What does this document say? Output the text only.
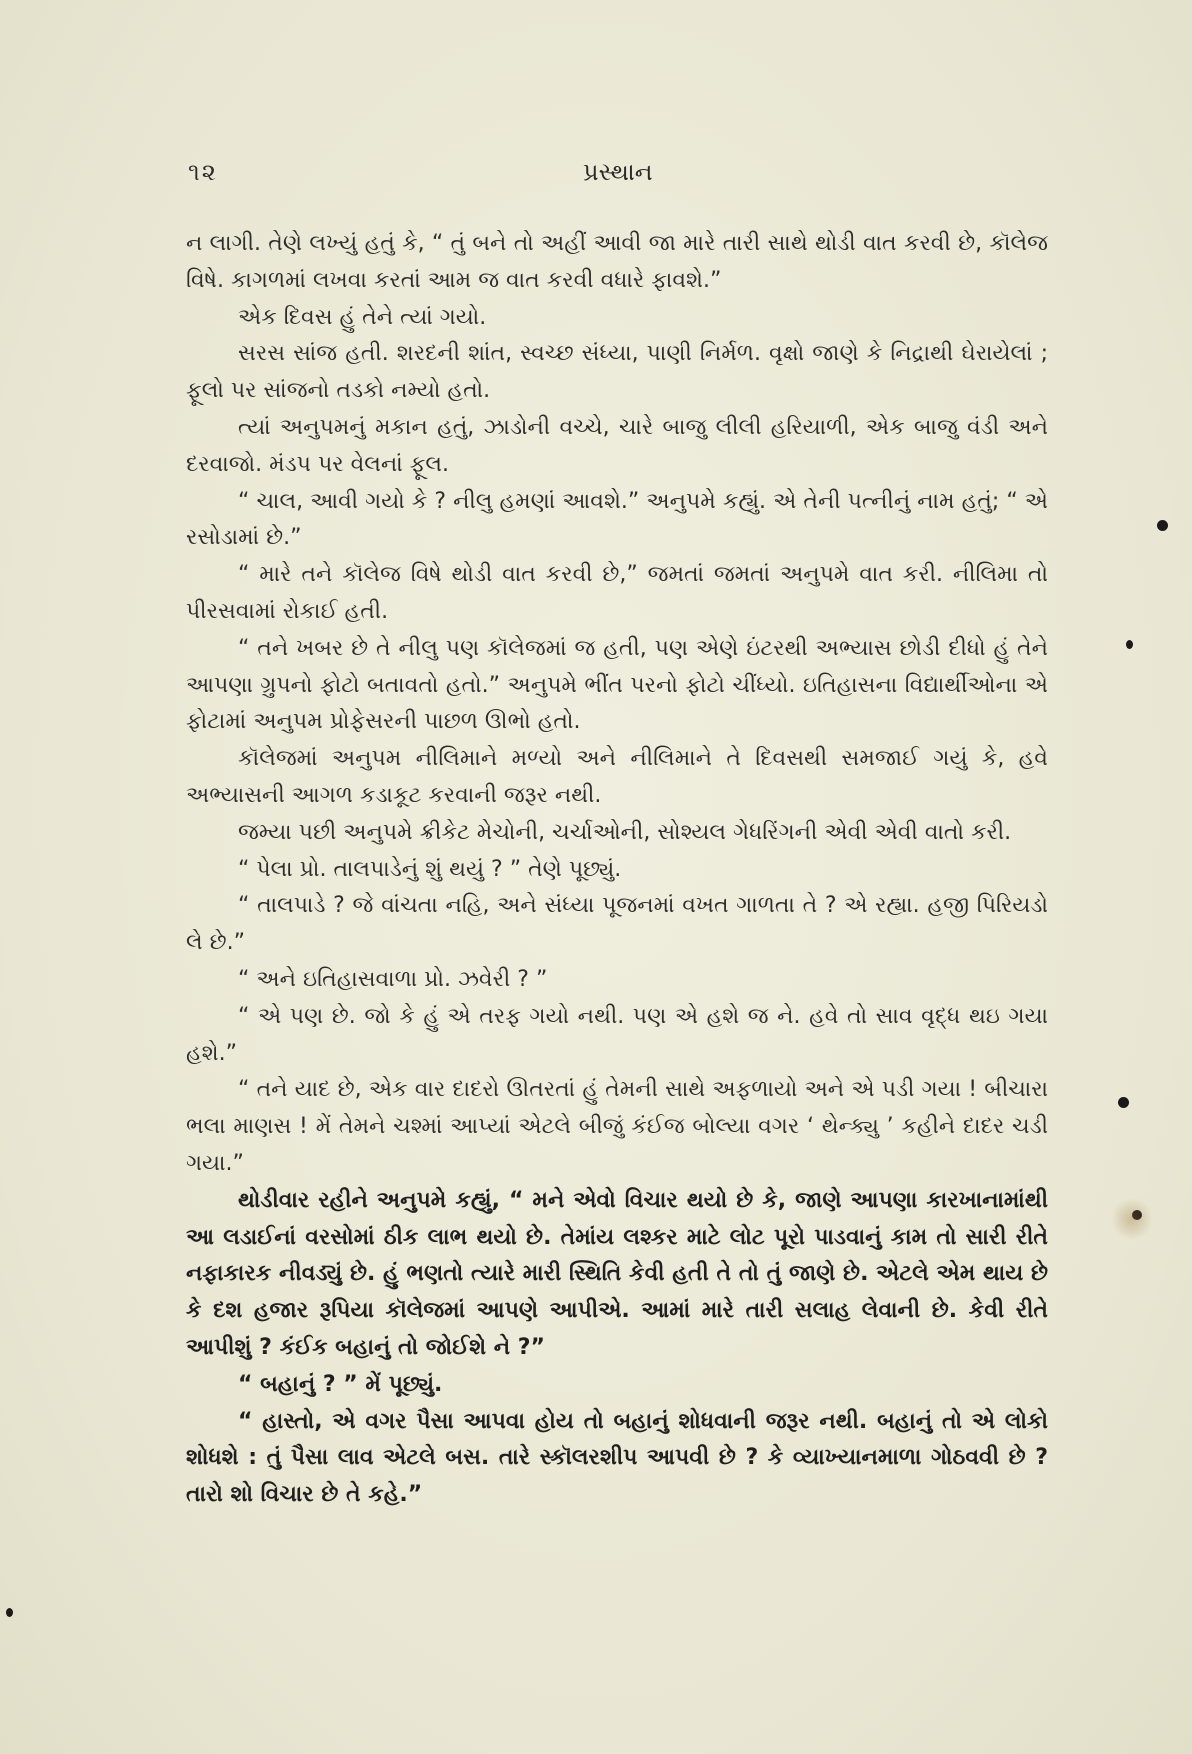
૧૨	પ્રસ્થાન

ન લાગી. તેણે લખ્યું હતું કે, “ તું બને તો અહીં આવી જા મારે તારી સાથે થોડી વાત કરવી છે, કૉલેજ વિષે. કાગળમાં લખવા કરતાં આમ જ વાત કરવી વધારે ફાવશે.”

એક દિવસ હું તેને ત્યાં ગયો.

સરસ સાંજ હતી. શરદની શાંત, સ્વચ્છ સંધ્યા, પાણી નિર્મળ. વૃક્ષો જાણે કે નિદ્રાથી ઘેરાયેલાં ; ફૂલો પર સાંજનો તડકો નમ્યો હતો.

ત્યાં અનુપમનું મકાન હતું, ઝાડોની વચ્ચે, ચારે બાજુ લીલી હરિયાળી, એક બાજુ વંડી અને દરવાજો. મંડપ પર વેલનાં ફૂલ.

“ ચાલ, આવી ગયો કે ? નીલુ હમણાં આવશે.” અનુપમે કહ્યું. એ તેની પત્નીનું નામ હતું; “ એ રસોડામાં છે.”

“ મારે તને કૉલેજ વિષે થોડી વાત કરવી છે,” જમતાં જમતાં અનુપમે વાત કરી. નીલિમા તો પીરસવામાં રોકાઈ હતી.

“ તને ખબર છે તે નીલુ પણ કૉલેજમાં જ હતી, પણ એણે ઇંટરથી અભ્યાસ છોડી દીધો હું તેને આપણા ગ્રુપનો ફોટો બતાવતો હતો.” અનુપમે ભીંત પરનો ફોટો ચીંધ્યો. ઇતિહાસના વિદ્યાર્થીઓના એ ફોટામાં અનુપમ પ્રોફેસરની પાછળ ઊભો હતો.

કૉલેજમાં અનુપમ નીલિમાને મળ્યો અને નીલિમાને તે દિવસથી સમજાઈ ગયું કે, હવે અભ્યાસની આગળ કડાકૂટ કરવાની જરૂર નથી.

જમ્યા પછી અનુપમે ક્રીકેટ મેચોની, ચર્ચાઓની, સોશ્યલ ગેધરિંગની એવી એવી વાતો કરી.

“ પેલા પ્રો. તાલપાડેનું શું થયું ? ” તેણે પૂછ્યું.

“ તાલપાડે ? જે વાંચતા નહિ, અને સંધ્યા પૂજનમાં વખત ગાળતા તે ? એ રહ્યા. હજી પિરિયડો લે છે.”

“ અને ઇતિહાસવાળા પ્રો. ઝવેરી ? ”

“ એ પણ છે. જો કે હું એ તરફ ગયો નથી. પણ એ હશે જ ને. હવે તો સાવ વૃદ્ધ થઇ ગયા હશે.”

“ તને યાદ છે, એક વાર દાદરો ઊતરતાં હું તેમની સાથે અફળાયો અને એ પડી ગયા ! બીચારા ભલા માણસ ! મેં તેમને ચશ્માં આપ્યાં એટલે બીજું કંઈજ બોલ્યા વગર ‘ થેન્ક્યુ ’ કહીને દાદર ચડી ગયા.”

થોડીવાર રહીને અનુપમે કહ્યું, “ મને એવો વિચાર થયો છે કે, જાણે આપણા કારખાનામાંથી આ લડાઈનાં વરસોમાં ઠીક લાભ થયો છે. તેમાંય લશ્કર માટે લોટ પૂરો પાડવાનું કામ તો સારી રીતે નફાકારક નીવડ્યું છે. હું ભણતો ત્યારે મારી સ્થિતિ કેવી હતી તે તો તું જાણે છે. એટલે એમ થાય છે કે દશ હજાર રૂપિયા કૉલેજમાં આપણે આપીએ. આમાં મારે તારી સલાહ લેવાની છે. કેવી રીતે આપીશું ? કંઈક બહાનું તો જોઈશે ને ?”

“ બહાનું ? ” મેં પૂછ્યું.

“ હાસ્તો, એ વગર પૈસા આપવા હોય તો બહાનું શોધવાની જરૂર નથી. બહાનું તો એ લોકો શોધશે : તું પૈસા લાવ એટલે બસ. તારે સ્કૉલરશીપ આપવી છે ? કે વ્યાખ્યાનમાળા ગોઠવવી છે ? તારો શો વિચાર છે તે કહે.”
